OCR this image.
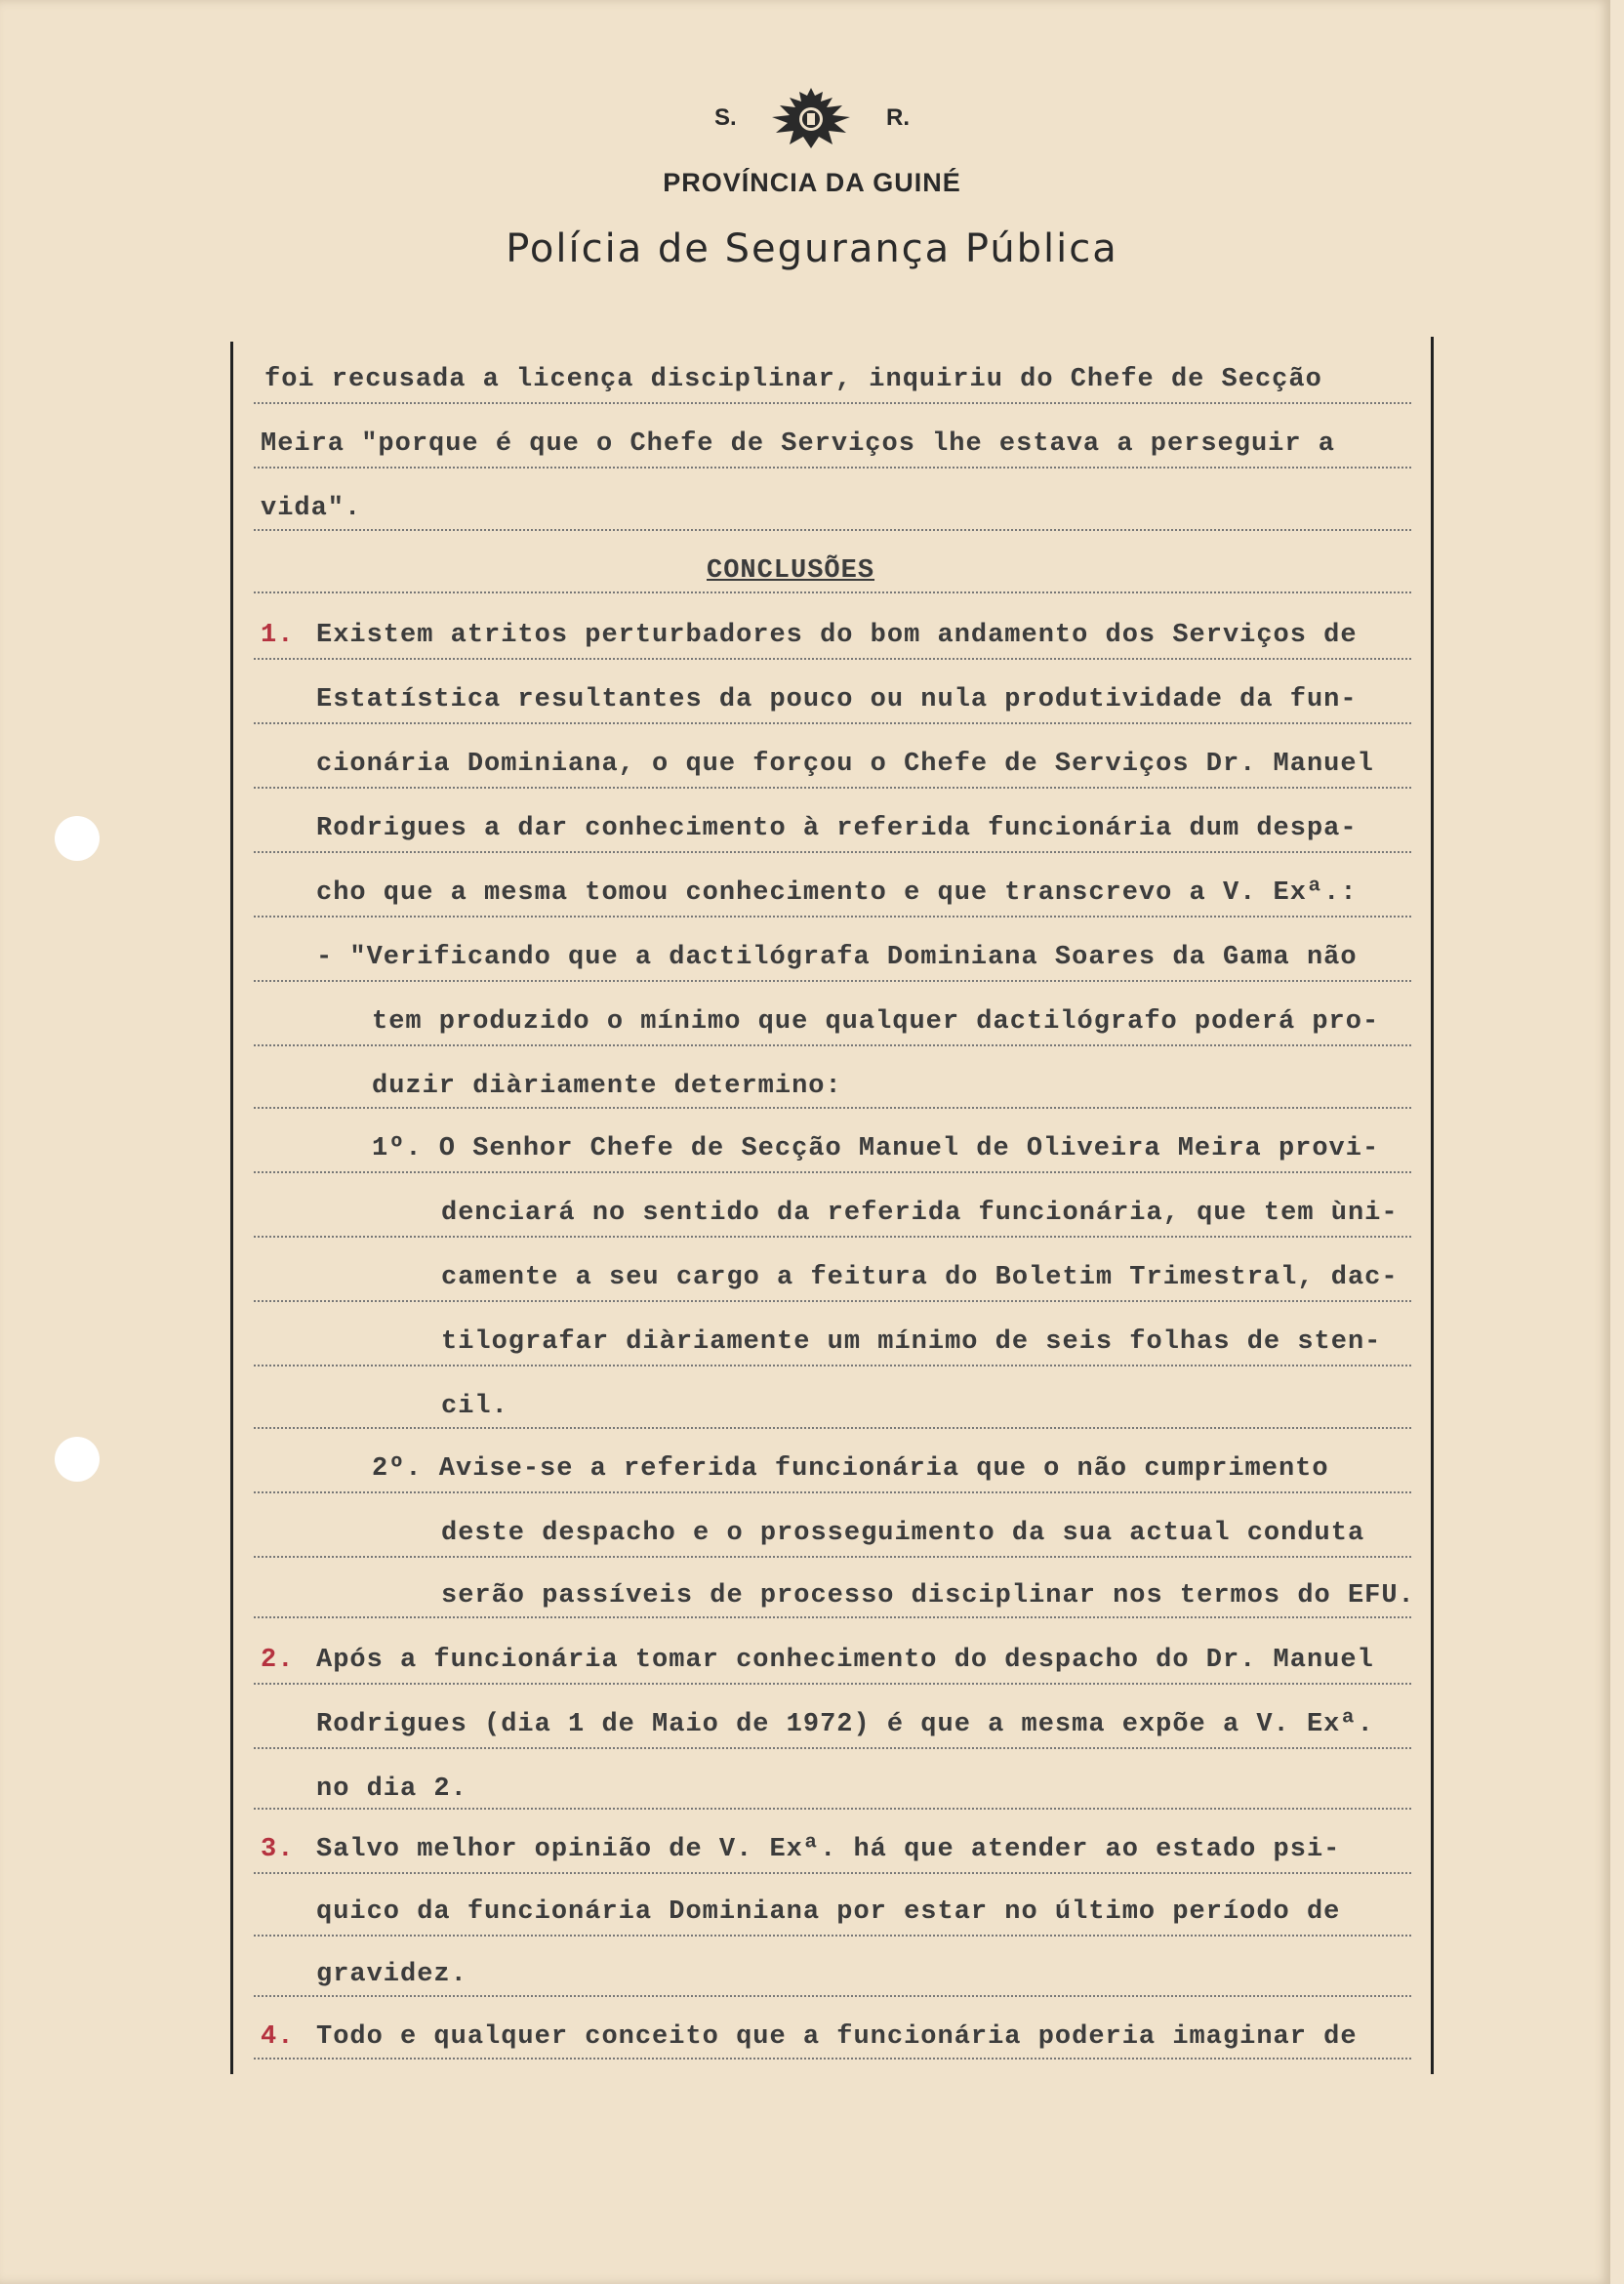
S.	R.
PROVÍNCIA DA GUINÉ
Polícia de Segurança Pública
foi recusada a licença disciplinar, inquiriu do Chefe de Secção
Meira "porque é que o Chefe de Serviços lhe estava a perseguir a
vida".
CONCLUSÕES
1. Existem atritos perturbadores do bom andamento dos Serviços de
Estatística resultantes da pouco ou nula produtividade da fun-
cionária Dominiana, o que forçou o Chefe de Serviços Dr. Manuel
Rodrigues a dar conhecimento à referida funcionária dum despa-
cho que a mesma tomou conhecimento e que transcrevo a V. Exª.:
- "Verificando que a dactilógrafa Dominiana Soares da Gama não
tem produzido o mínimo que qualquer dactilógrafo poderá pro-
duzir diàriamente determino:
1º. O Senhor Chefe de Secção Manuel de Oliveira Meira provi-
denciará no sentido da referida funcionária, que tem ùni-
camente a seu cargo a feitura do Boletim Trimestral, dac-
tilografar diàriamente um mínimo de seis folhas de sten-
cil.
2º. Avise-se a referida funcionária que o não cumprimento
deste despacho e o prosseguimento da sua actual conduta
serão passíveis de processo disciplinar nos termos do EFU.
2. Após a funcionária tomar conhecimento do despacho do Dr. Manuel
Rodrigues (dia 1 de Maio de 1972) é que a mesma expõe a V. Exª.
no dia 2.
3. Salvo melhor opinião de V. Exª. há que atender ao estado psi-
quico da funcionária Dominiana por estar no último período de
gravidez.
4. Todo e qualquer conceito que a funcionária poderia imaginar de
